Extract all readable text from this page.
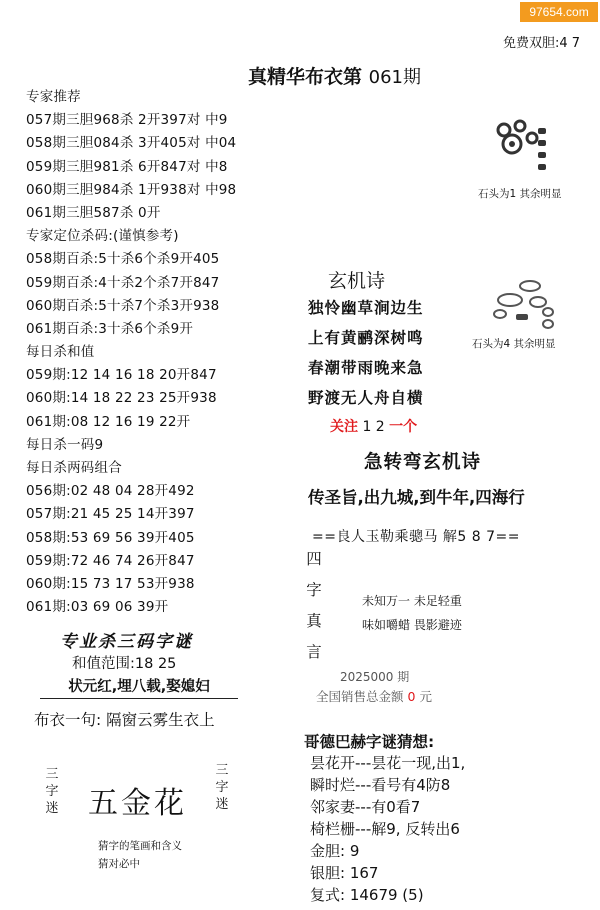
97654.com
免费双胆:4 7
真精华布衣第 061期
专家推荐
057期三胆968杀 2开397对 中9
058期三胆084杀 3开405对 中04
059期三胆981杀 6开847对 中8
060期三胆984杀 1开938对 中98
061期三胆587杀 0开
专家定位杀码:(谨慎参考)
058期百杀:5十杀6个杀9开405
059期百杀:4十杀2个杀7开847
060期百杀:5十杀7个杀3开938
061期百杀:3十杀6个杀9开
每日杀和值
059期:12 14 16 18 20开847
060期:14 18 22 23 25开938
061期:08 12 16 19 22开
每日杀一码9
每日杀两码组合
056期:02 48 04 28开492
057期:21 45 25 14开397
058期:53 69 56 39开405
059期:72 46 74 26开847
060期:15 73 17 53开938
061期:03 69 06 39开
专业杀三码字谜
和值范围:18 25
状元红,埋八载,娶媳妇
布衣一句: 隔窗云雾生衣上
三字迷
三字迷
五金花
猜字的笔画和含义
猜对必中
石头为1 其余明显
石头为4 其余明显
玄机诗
独怜幽草涧边生
上有黄鹂深树鸣
春潮带雨晚来急
野渡无人舟自横
关注 1 2 一个
急转弯玄机诗
传圣旨,出九城,到牛年,四海行
==良人玉勒乘骢马 解5 8 7==
四
字
真
言
未知万一 未足轻重
味如嚼蜡 畏影避迹
2025000 期
全国销售总金额 0 元
哥德巴赫字谜猜想:
昙花开---昙花一现,出1,
瞬时烂---看号有4防8
邻家妻---有0看7
椅栏栅---解9, 反转出6
金胆: 9
银胆: 167
复式: 14679 (5)
